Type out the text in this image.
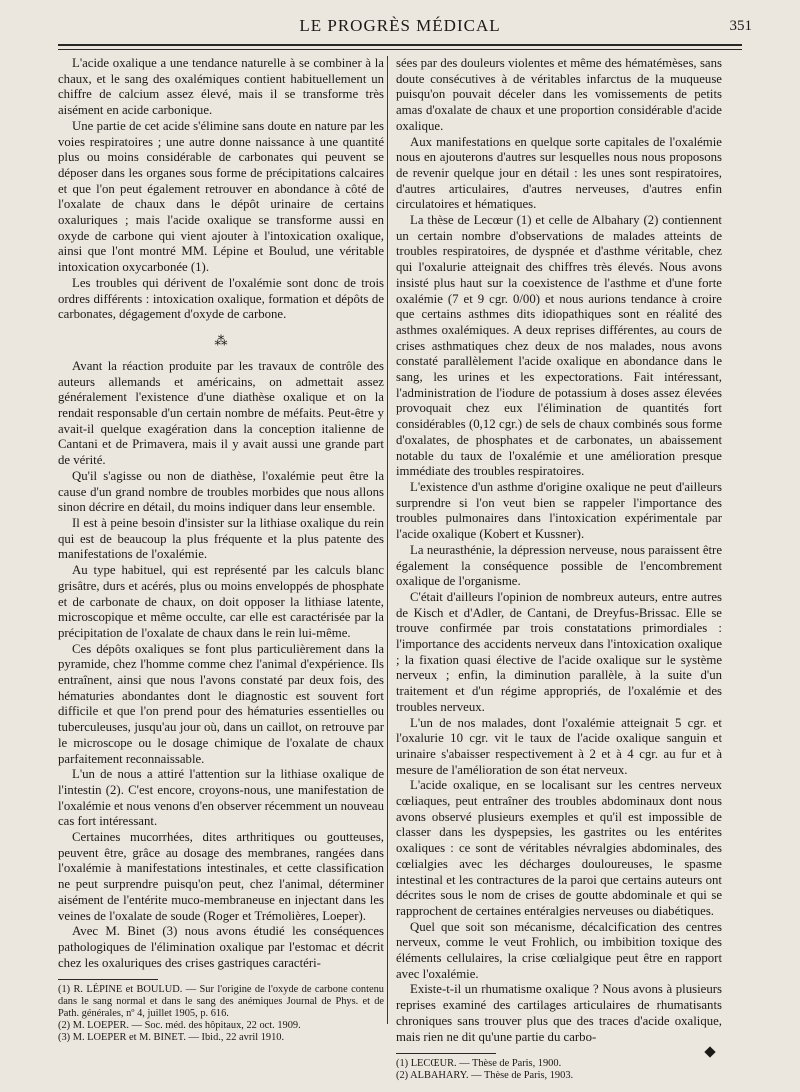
LE PROGRÈS MÉDICAL	351

L'acide oxalique a une tendance naturelle à se combiner à la chaux, et le sang des oxalémiques contient habituellement un chiffre de calcium assez élevé, mais il se transforme très aisément en acide carbonique.

Une partie de cet acide s'élimine sans doute en nature par les voies respiratoires ; une autre donne naissance à une quantité plus ou moins considérable de carbonates qui peuvent se déposer dans les organes sous forme de précipitations calcaires et que l'on peut également retrouver en abondance à côté de l'oxalate de chaux dans le dépôt urinaire de certains oxaluriques ; mais l'acide oxalique se transforme aussi en oxyde de carbone qui vient ajouter à l'intoxication oxalique, ainsi que l'ont montré MM. Lépine et Boulud, une véritable intoxication oxycarbonée (1).

Les troubles qui dérivent de l'oxalémie sont donc de trois ordres différents : intoxication oxalique, formation et dépôts de carbonates, dégagement d'oxyde de carbone.

⁂

Avant la réaction produite par les travaux de contrôle des auteurs allemands et américains, on admettait assez généralement l'existence d'une diathèse oxalique et on la rendait responsable d'un certain nombre de méfaits. Peut-être y avait-il quelque exagération dans la conception italienne de Cantani et de Primavera, mais il y avait aussi une grande part de vérité.

Qu'il s'agisse ou non de diathèse, l'oxalémie peut être la cause d'un grand nombre de troubles morbides que nous allons sinon décrire en détail, du moins indiquer dans leur ensemble.

Il est à peine besoin d'insister sur la lithiase oxalique du rein qui est de beaucoup la plus fréquente et la plus patente des manifestations de l'oxalémie.

Au type habituel, qui est représenté par les calculs blanc grisâtre, durs et acérés, plus ou moins enveloppés de phosphate et de carbonate de chaux, on doit opposer la lithiase latente, microscopique et même occulte, car elle est caractérisée par la précipitation de l'oxalate de chaux dans le rein lui-même.

Ces dépôts oxaliques se font plus particulièrement dans la pyramide, chez l'homme comme chez l'animal d'expérience. Ils entraînent, ainsi que nous l'avons constaté par deux fois, des hématuries abondantes dont le diagnostic est souvent fort difficile et que l'on prend pour des hématuries essentielles ou tuberculeuses, jusqu'au jour où, dans un caillot, on retrouve par le microscope ou le dosage chimique de l'oxalate de chaux parfaitement reconnaissable.

L'un de nous a attiré l'attention sur la lithiase oxalique de l'intestin (2). C'est encore, croyons-nous, une manifestation de l'oxalémie et nous venons d'en observer récemment un nouveau cas fort intéressant.

Certaines mucorrhées, dites arthritiques ou goutteuses, peuvent être, grâce au dosage des membranes, rangées dans l'oxalémie à manifestations intestinales, et cette classification ne peut surprendre puisqu'on peut, chez l'animal, déterminer aisément de l'entérite muco-membraneuse en injectant dans les veines de l'oxalate de soude (Roger et Trémolières, Loeper).

Avec M. Binet (3) nous avons étudié les conséquences pathologiques de l'élimination oxalique par l'estomac et décrit chez les oxaluriques des crises gastriques caractéri-

(1) R. LÉPINE et BOULUD. — Sur l'origine de l'oxyde de carbone contenu dans le sang normal et dans le sang des anémiques Journal de Phys. et de Path. générales, nº 4, juillet 1905, p. 616.
(2) M. LOEPER. — Soc. méd. des hôpitaux, 22 oct. 1909.
(3) M. LOEPER et M. BINET. — Ibid., 22 avril 1910.

sées par des douleurs violentes et même des hématémèses, sans doute consécutives à de véritables infarctus de la muqueuse puisqu'on pouvait déceler dans les vomissements de petits amas d'oxalate de chaux et une proportion considérable d'acide oxalique.

Aux manifestations en quelque sorte capitales de l'oxalémie nous en ajouterons d'autres sur lesquelles nous nous proposons de revenir quelque jour en détail : les unes sont respiratoires, d'autres articulaires, d'autres nerveuses, d'autres enfin circulatoires et hématiques.

La thèse de Lecœur (1) et celle de Albahary (2) contiennent un certain nombre d'observations de malades atteints de troubles respiratoires, de dyspnée et d'asthme véritable, chez qui l'oxalurie atteignait des chiffres très élevés. Nous avons insisté plus haut sur la coexistence de l'asthme et d'une forte oxalémie (7 et 9 cgr. 0/00) et nous aurions tendance à croire que certains asthmes dits idiopathiques sont en réalité des asthmes oxalémiques. A deux reprises différentes, au cours de crises asthmatiques chez deux de nos malades, nous avons constaté parallèlement l'acide oxalique en abondance dans le sang, les urines et les expectorations. Fait intéressant, l'administration de l'iodure de potassium à doses assez élevées provoquait chez eux l'élimination de quantités fort considérables (0,12 cgr.) de sels de chaux combinés sous forme d'oxalates, de phosphates et de carbonates, un abaissement notable du taux de l'oxalémie et une amélioration presque immédiate des troubles respiratoires.

L'existence d'un asthme d'origine oxalique ne peut d'ailleurs surprendre si l'on veut bien se rappeler l'importance des troubles pulmonaires dans l'intoxication expérimentale par l'acide oxalique (Kobert et Kussner).

La neurasthénie, la dépression nerveuse, nous paraissent être également la conséquence possible de l'encombrement oxalique de l'organisme.

C'était d'ailleurs l'opinion de nombreux auteurs, entre autres de Kisch et d'Adler, de Cantani, de Dreyfus-Brissac. Elle se trouve confirmée par trois constatations primordiales : l'importance des accidents nerveux dans l'intoxication oxalique ; la fixation quasi élective de l'acide oxalique sur le système nerveux ; enfin, la diminution parallèle, à la suite d'un traitement et d'un régime appropriés, de l'oxalémie et des troubles nerveux.

L'un de nos malades, dont l'oxalémie atteignait 5 cgr. et l'oxalurie 10 cgr. vit le taux de l'acide oxalique sanguin et urinaire s'abaisser respectivement à 2 et à 4 cgr. au fur et à mesure de l'amélioration de son état nerveux.

L'acide oxalique, en se localisant sur les centres nerveux cœliaques, peut entraîner des troubles abdominaux dont nous avons observé plusieurs exemples et qu'il est impossible de classer dans les dyspepsies, les gastrites ou les entérites oxaliques : ce sont de véritables névralgies abdominales, des cœlialgies avec les décharges douloureuses, le spasme intestinal et les contractures de la paroi que certains auteurs ont décrites sous le nom de crises de goutte abdominale et qui se rapprochent de certaines entéralgies nerveuses ou diabétiques.

Quel que soit son mécanisme, décalcification des centres nerveux, comme le veut Frohlich, ou imbibition toxique des éléments cellulaires, la crise cœlialgique peut être en rapport avec l'oxalémie.

Existe-t-il un rhumatisme oxalique ? Nous avons à plusieurs reprises examiné des cartilages articulaires de rhumatisants chroniques sans trouver plus que des traces d'acide oxalique, mais rien ne dit qu'une partie du carbo-

(1) LECŒUR. — Thèse de Paris, 1900.
(2) ALBAHARY. — Thèse de Paris, 1903.
